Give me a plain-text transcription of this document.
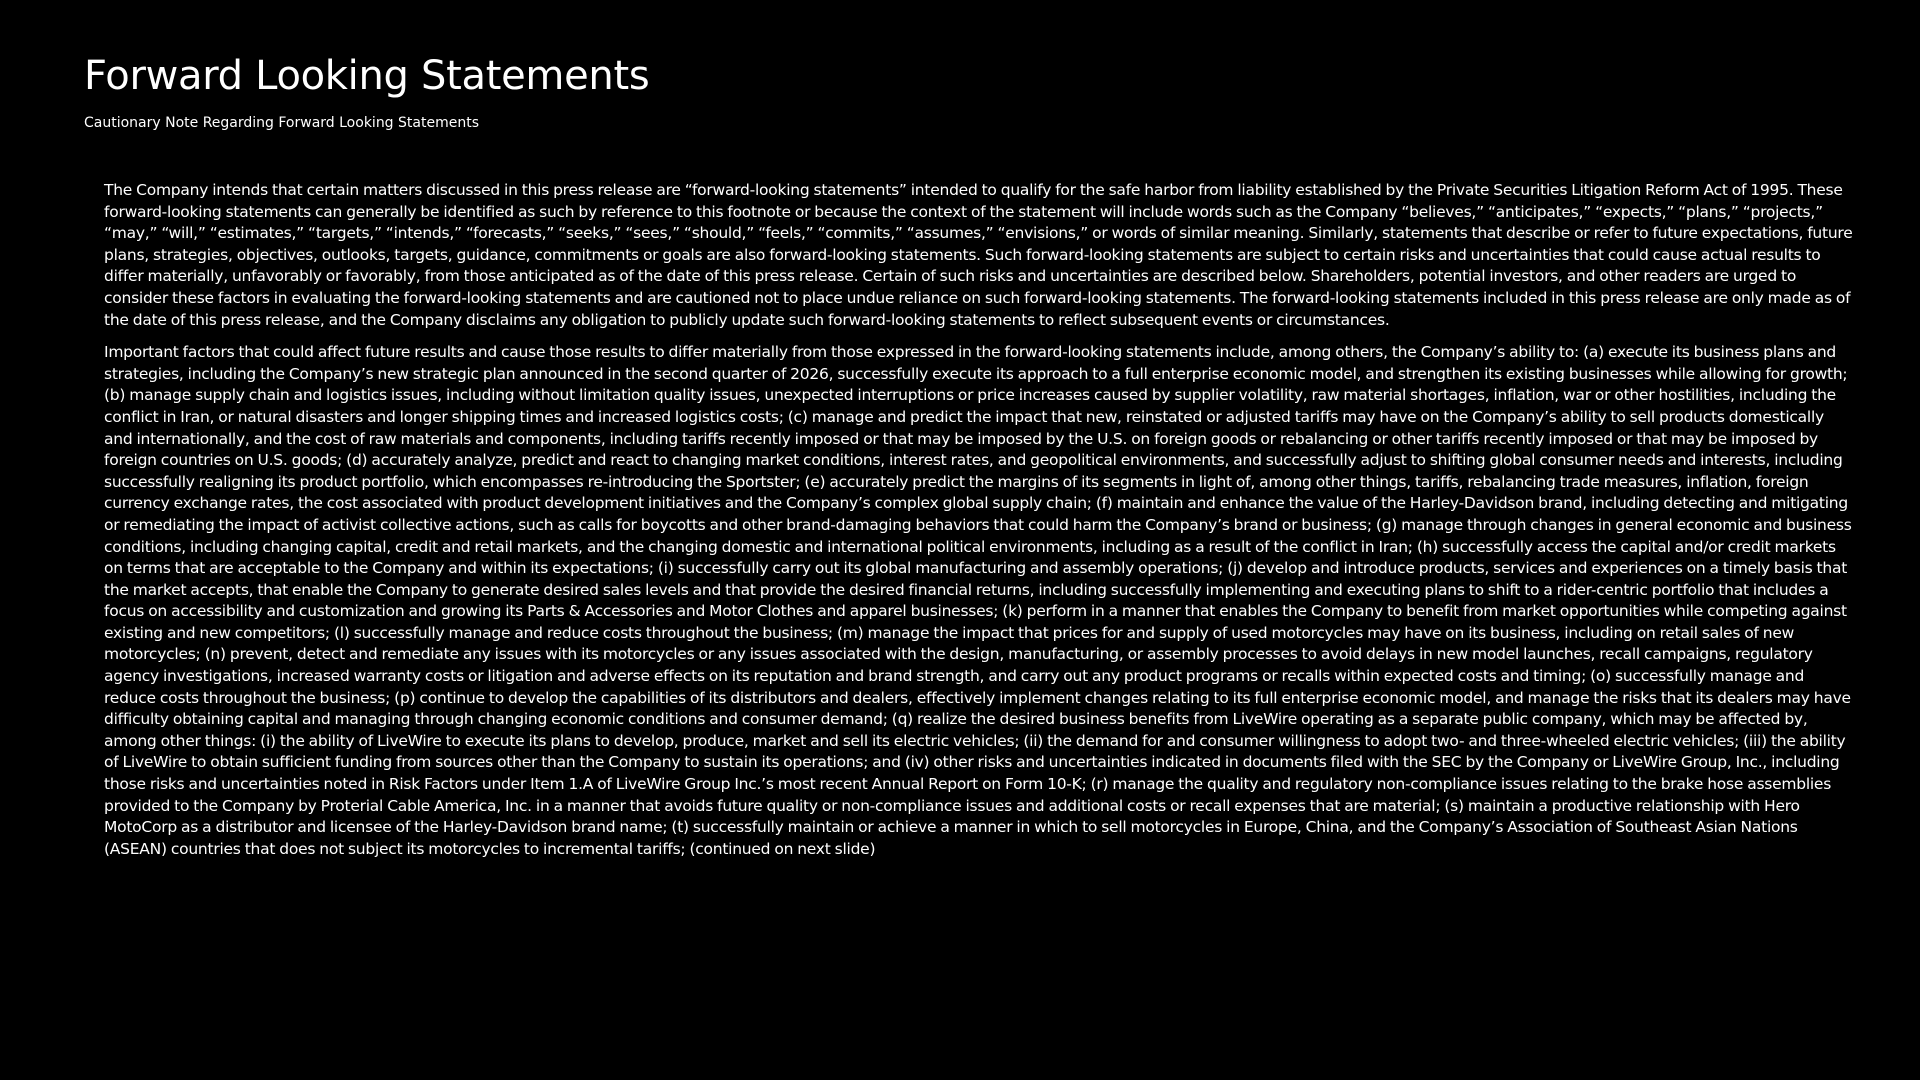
Forward Looking Statements
Cautionary Note Regarding Forward Looking Statements

The Company intends that certain matters discussed in this press release are “forward-looking statements” intended to qualify for the safe harbor from liability established by the Private Securities Litigation Reform Act of 1995. These forward-looking statements can generally be identified as such by reference to this footnote or because the context of the statement will include words such as the Company “believes,” “anticipates,” “expects,” “plans,” “projects,” “may,” “will,” “estimates,” “targets,” “intends,” “forecasts,” “seeks,” “sees,” “should,” “feels,” “commits,” “assumes,” “envisions,” or words of similar meaning. Similarly, statements that describe or refer to future expectations, future plans, strategies, objectives, outlooks, targets, guidance, commitments or goals are also forward-looking statements. Such forward-looking statements are subject to certain risks and uncertainties that could cause actual results to differ materially, unfavorably or favorably, from those anticipated as of the date of this press release. Certain of such risks and uncertainties are described below. Shareholders, potential investors, and other readers are urged to consider these factors in evaluating the forward-looking statements and are cautioned not to place undue reliance on such forward-looking statements. The forward-looking statements included in this press release are only made as of the date of this press release, and the Company disclaims any obligation to publicly update such forward-looking statements to reflect subsequent events or circumstances.

Important factors that could affect future results and cause those results to differ materially from those expressed in the forward-looking statements include, among others, the Company’s ability to: (a) execute its business plans and strategies, including the Company’s new strategic plan announced in the second quarter of 2026, successfully execute its approach to a full enterprise economic model, and strengthen its existing businesses while allowing for growth; (b) manage supply chain and logistics issues, including without limitation quality issues, unexpected interruptions or price increases caused by supplier volatility, raw material shortages, inflation, war or other hostilities, including the conflict in Iran, or natural disasters and longer shipping times and increased logistics costs; (c) manage and predict the impact that new, reinstated or adjusted tariffs may have on the Company’s ability to sell products domestically and internationally, and the cost of raw materials and components, including tariffs recently imposed or that may be imposed by the U.S. on foreign goods or rebalancing or other tariffs recently imposed or that may be imposed by foreign countries on U.S. goods; (d) accurately analyze, predict and react to changing market conditions, interest rates, and geopolitical environments, and successfully adjust to shifting global consumer needs and interests, including successfully realigning its product portfolio, which encompasses re-introducing the Sportster; (e) accurately predict the margins of its segments in light of, among other things, tariffs, rebalancing trade measures, inflation, foreign currency exchange rates, the cost associated with product development initiatives and the Company’s complex global supply chain; (f) maintain and enhance the value of the Harley-Davidson brand, including detecting and mitigating or remediating the impact of activist collective actions, such as calls for boycotts and other brand-damaging behaviors that could harm the Company’s brand or business; (g) manage through changes in general economic and business conditions, including changing capital, credit and retail markets, and the changing domestic and international political environments, including as a result of the conflict in Iran; (h) successfully access the capital and/or credit markets on terms that are acceptable to the Company and within its expectations; (i) successfully carry out its global manufacturing and assembly operations; (j) develop and introduce products, services and experiences on a timely basis that the market accepts, that enable the Company to generate desired sales levels and that provide the desired financial returns, including successfully implementing and executing plans to shift to a rider-centric portfolio that includes a focus on accessibility and customization and growing its Parts & Accessories and Motor Clothes and apparel businesses; (k) perform in a manner that enables the Company to benefit from market opportunities while competing against existing and new competitors; (l) successfully manage and reduce costs throughout the business; (m) manage the impact that prices for and supply of used motorcycles may have on its business, including on retail sales of new motorcycles; (n) prevent, detect and remediate any issues with its motorcycles or any issues associated with the design, manufacturing, or assembly processes to avoid delays in new model launches, recall campaigns, regulatory agency investigations, increased warranty costs or litigation and adverse effects on its reputation and brand strength, and carry out any product programs or recalls within expected costs and timing; (o) successfully manage and reduce costs throughout the business; (p) continue to develop the capabilities of its distributors and dealers, effectively implement changes relating to its full enterprise economic model, and manage the risks that its dealers may have difficulty obtaining capital and managing through changing economic conditions and consumer demand; (q) realize the desired business benefits from LiveWire operating as a separate public company, which may be affected by, among other things: (i) the ability of LiveWire to execute its plans to develop, produce, market and sell its electric vehicles; (ii) the demand for and consumer willingness to adopt two- and three-wheeled electric vehicles; (iii) the ability of LiveWire to obtain sufficient funding from sources other than the Company to sustain its operations; and (iv) other risks and uncertainties indicated in documents filed with the SEC by the Company or LiveWire Group, Inc., including those risks and uncertainties noted in Risk Factors under Item 1.A of LiveWire Group Inc.’s most recent Annual Report on Form 10-K; (r) manage the quality and regulatory non-compliance issues relating to the brake hose assemblies provided to the Company by Proterial Cable America, Inc. in a manner that avoids future quality or non-compliance issues and additional costs or recall expenses that are material; (s) maintain a productive relationship with Hero MotoCorp as a distributor and licensee of the Harley-Davidson brand name; (t) successfully maintain or achieve a manner in which to sell motorcycles in Europe, China, and the Company’s Association of Southeast Asian Nations (ASEAN) countries that does not subject its motorcycles to incremental tariffs; (continued on next slide)
